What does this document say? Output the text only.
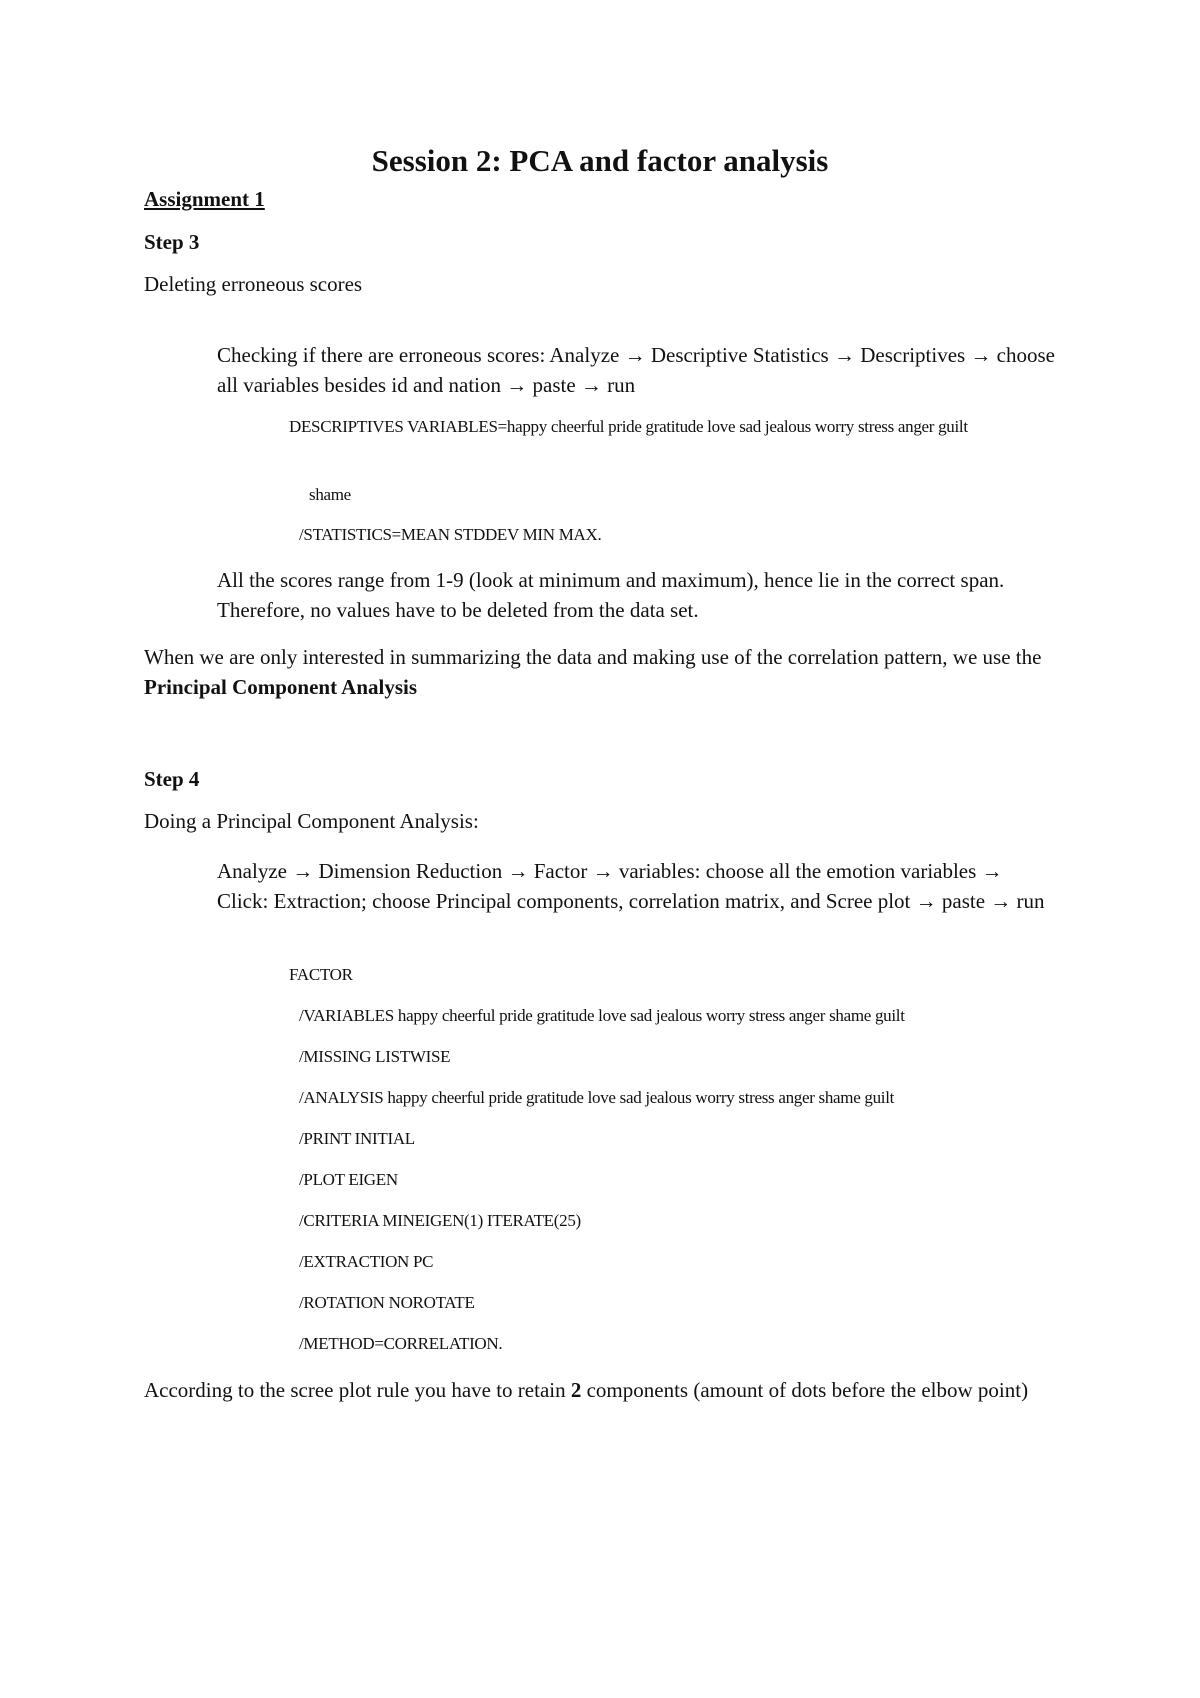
Session 2: PCA and factor analysis
Assignment 1
Step 3
Deleting erroneous scores
Checking if there are erroneous scores: Analyze → Descriptive Statistics → Descriptives → choose all variables besides id and nation → paste → run
DESCRIPTIVES VARIABLES=happy cheerful pride gratitude love sad jealous worry stress anger guilt
shame
/STATISTICS=MEAN STDDEV MIN MAX.
All the scores range from 1-9 (look at minimum and maximum), hence lie in the correct span. Therefore, no values have to be deleted from the data set.
When we are only interested in summarizing the data and making use of the correlation pattern, we use the Principal Component Analysis
Step 4
Doing a Principal Component Analysis:
Analyze → Dimension Reduction → Factor → variables: choose all the emotion variables → Click: Extraction; choose Principal components, correlation matrix, and Scree plot → paste → run
FACTOR
/VARIABLES happy cheerful pride gratitude love sad jealous worry stress anger shame guilt
/MISSING LISTWISE
/ANALYSIS happy cheerful pride gratitude love sad jealous worry stress anger shame guilt
/PRINT INITIAL
/PLOT EIGEN
/CRITERIA MINEIGEN(1) ITERATE(25)
/EXTRACTION PC
/ROTATION NOROTATE
/METHOD=CORRELATION.
According to the scree plot rule you have to retain 2 components (amount of dots before the elbow point)
